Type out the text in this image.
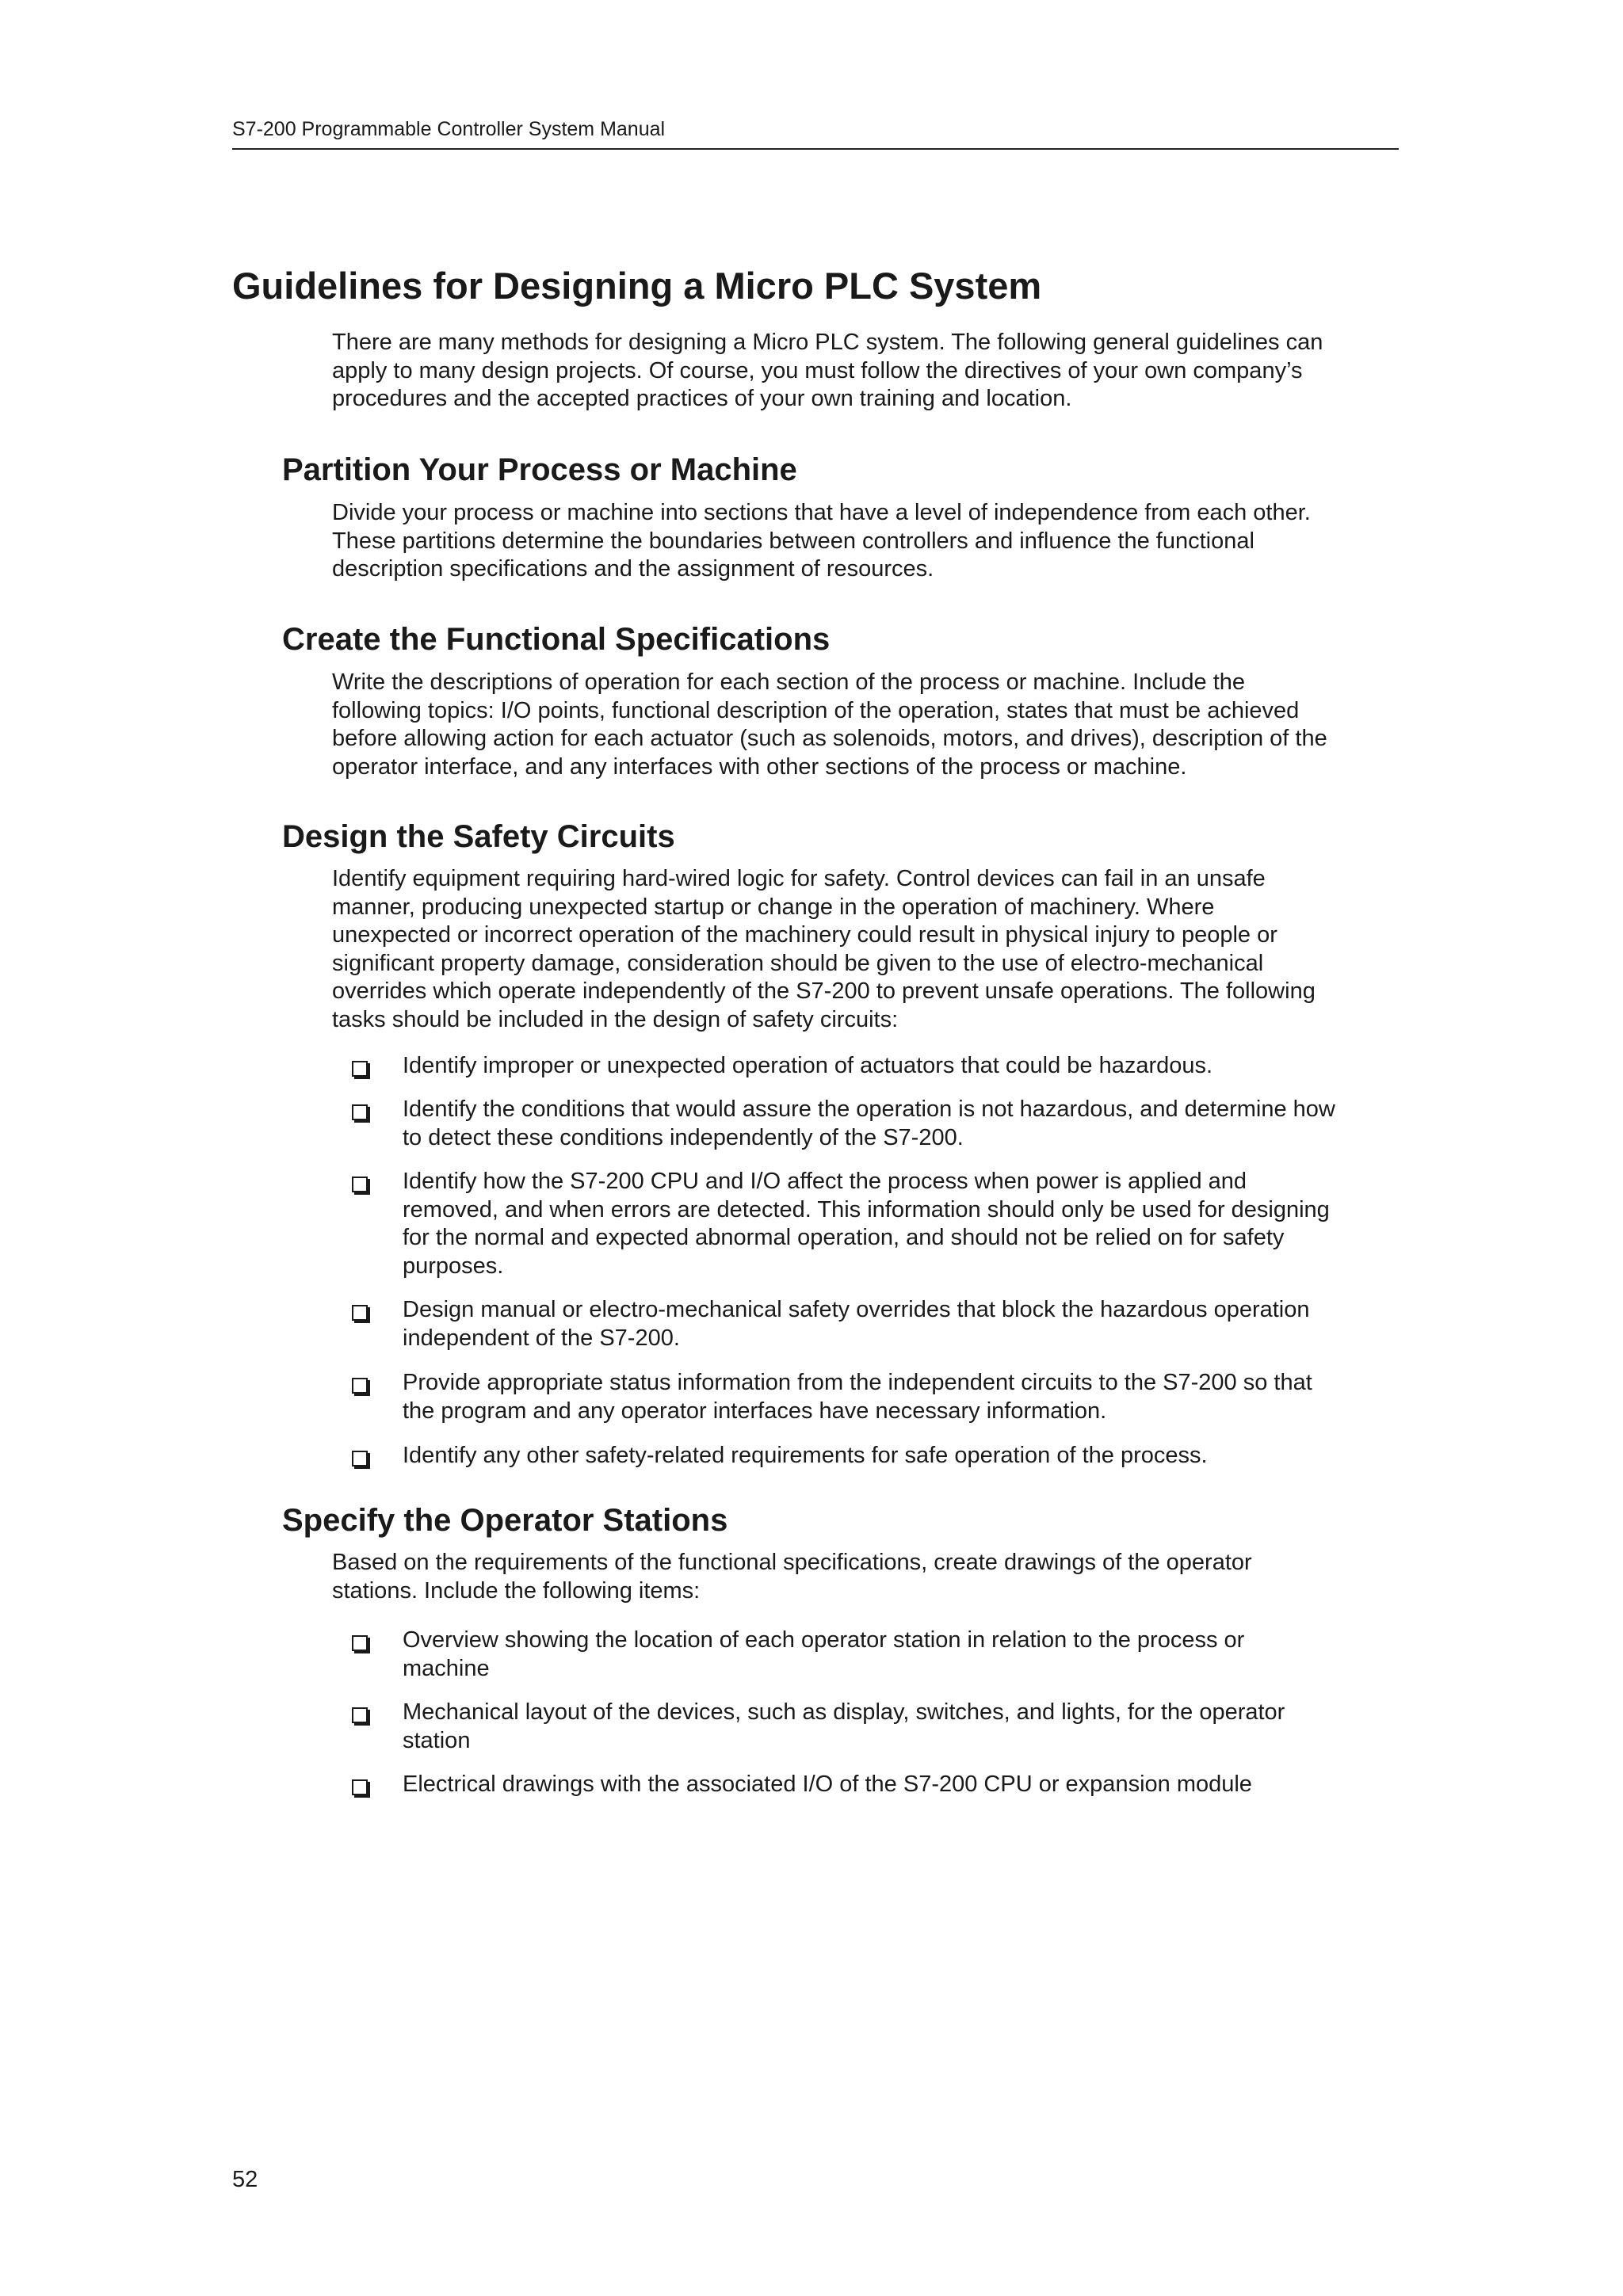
S7-200 Programmable Controller System Manual
Guidelines for Designing a Micro PLC System

There are many methods for designing a Micro PLC system. The following general guidelines can
apply to many design projects. Of course, you must follow the directives of your own company’s
procedures and the accepted practices of your own training and location.

Partition Your Process or Machine

Divide your process or machine into sections that have a level of independence from each other.
These partitions determine the boundaries between controllers and influence the functional
description specifications and the assignment of resources.

Create the Functional Specifications

Write the descriptions of operation for each section of the process or machine. Include the
following topics: I/O points, functional description of the operation, states that must be achieved
before allowing action for each actuator (such as solenoids, motors, and drives), description of the
operator interface, and any interfaces with other sections of the process or machine.

Design the Safety Circuits

Identify equipment requiring hard-wired logic for safety. Control devices can fail in an unsafe
manner, producing unexpected startup or change in the operation of machinery. Where
unexpected or incorrect operation of the machinery could result in physical injury to people or
significant property damage, consideration should be given to the use of electro-mechanical
overrides which operate independently of the S7-200 to prevent unsafe operations. The following
tasks should be included in the design of safety circuits:

Identify improper or unexpected operation of actuators that could be hazardous.
Identify the conditions that would assure the operation is not hazardous, and determine how
to detect these conditions independently of the S7-200.
Identify how the S7-200 CPU and I/O affect the process when power is applied and
removed, and when errors are detected. This information should only be used for designing
for the normal and expected abnormal operation, and should not be relied on for safety
purposes.
Design manual or electro-mechanical safety overrides that block the hazardous operation
independent of the S7-200.
Provide appropriate status information from the independent circuits to the S7-200 so that
the program and any operator interfaces have necessary information.
Identify any other safety-related requirements for safe operation of the process.
Specify the Operator Stations

Based on the requirements of the functional specifications, create drawings of the operator
stations. Include the following items:

Overview showing the location of each operator station in relation to the process or
machine
Mechanical layout of the devices, such as display, switches, and lights, for the operator
station
Electrical drawings with the associated I/O of the S7-200 CPU or expansion module
52
